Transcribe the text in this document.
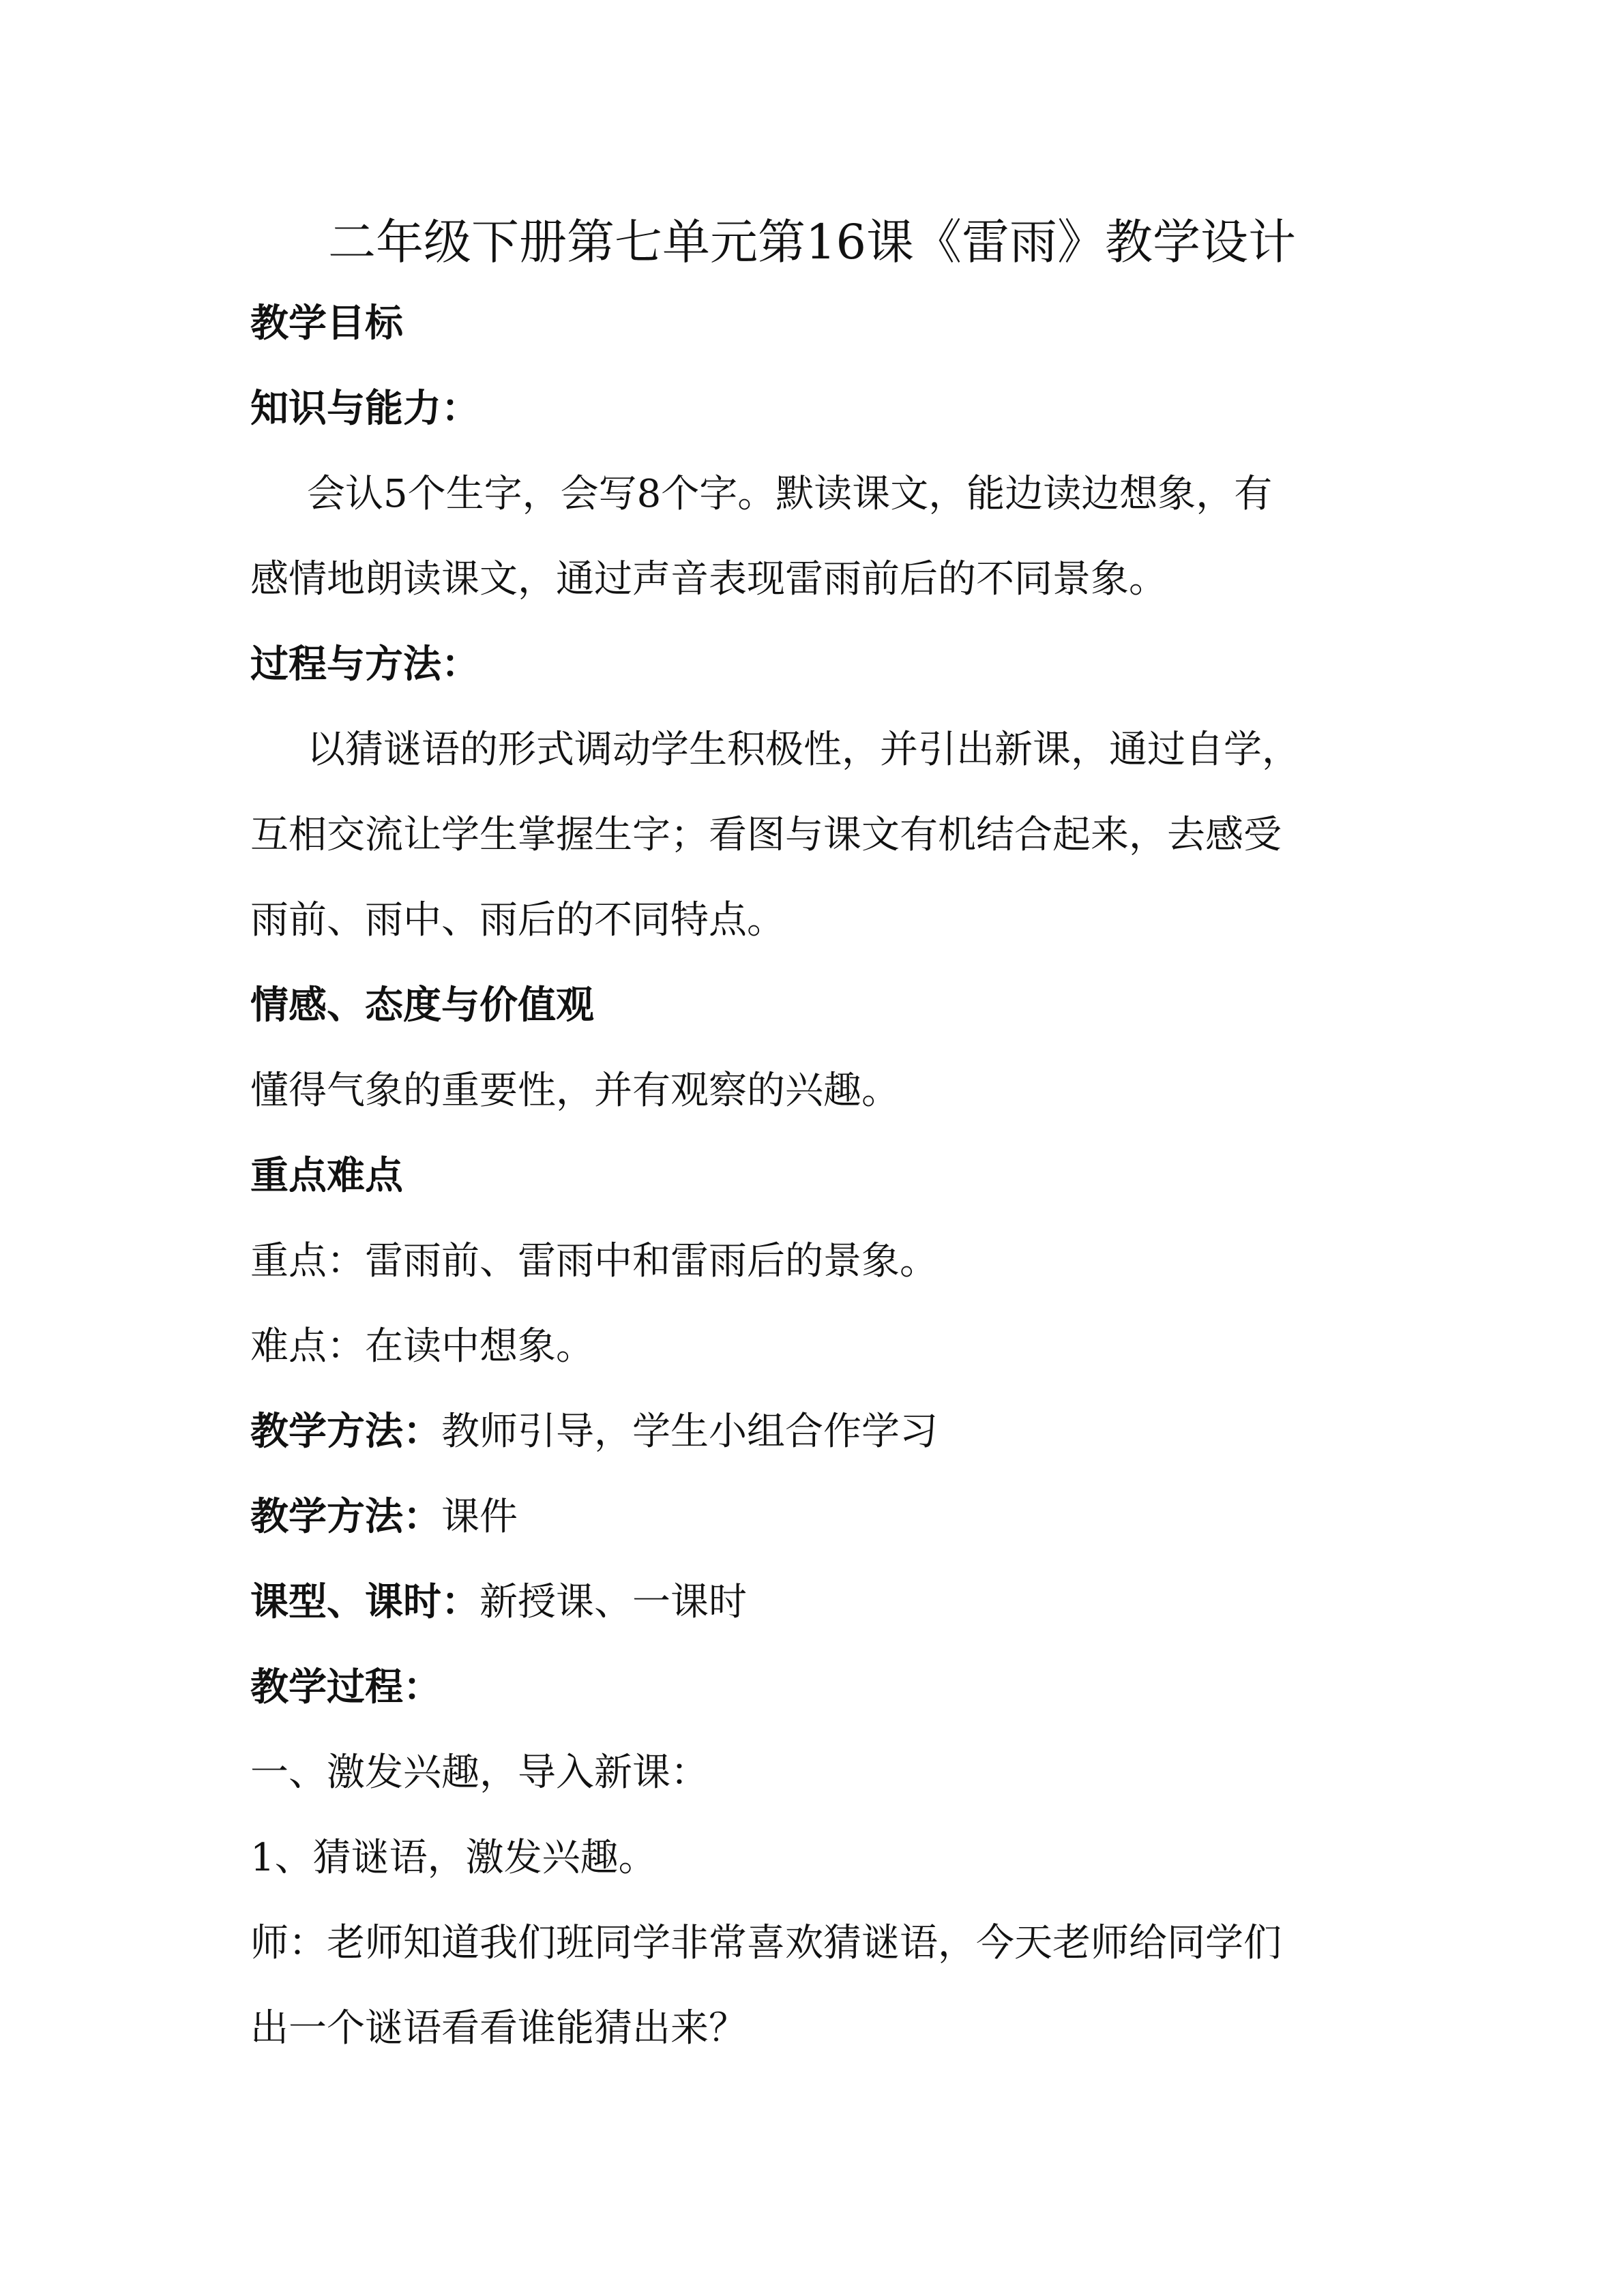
二年级下册第七单元第16课《雷雨》教学设计
教学目标
知识与能力：
会认5个生字，会写8个字。默读课文，能边读边想象，有
感情地朗读课文，通过声音表现雷雨前后的不同景象。
过程与方法：
以猜谜语的形式调动学生积极性，并引出新课，通过自学，
互相交流让学生掌握生字；看图与课文有机结合起来，去感受
雨前、雨中、雨后的不同特点。
情感、态度与价值观
懂得气象的重要性，并有观察的兴趣。
重点难点
重点：雷雨前、雷雨中和雷雨后的景象。
难点：在读中想象。
教学方法：教师引导，学生小组合作学习
教学方法：课件
课型、课时：新授课、一课时
教学过程：
一、激发兴趣，导入新课：
1、猜谜语，激发兴趣。
师：老师知道我们班同学非常喜欢猜谜语，今天老师给同学们
出一个谜语看看谁能猜出来？
